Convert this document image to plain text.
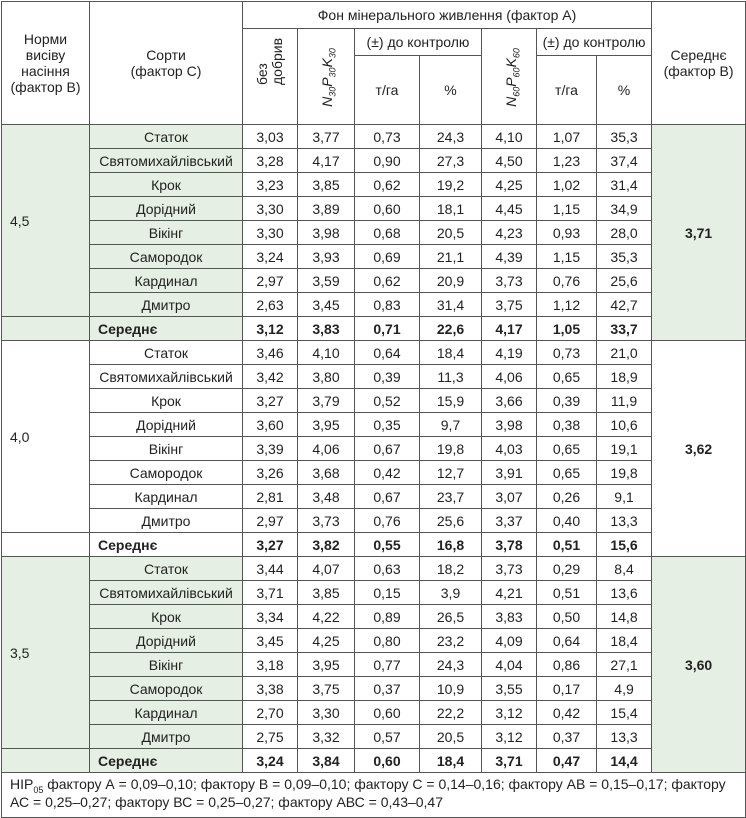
Норми висіву насіння (фактор В)	Сорти (фактор С)	Фон мінерального живлення (фактор А)							Середнє (фактор В)
		без добрив	$N_{30}P_{30}K_{30}$	(±) до контролю		$N_{60}P_{60}K_{60}$	(±) до контролю		
				т/га	%		т/га	%	
4,5	Статок	3,03	3,77	0,73	24,3	4,10	1,07	35,3	3,71
	Святомихайлівський	3,28	4,17	0,90	27,3	4,50	1,23	37,4	
	Крок	3,23	3,85	0,62	19,2	4,25	1,02	31,4	
	Дорідний	3,30	3,89	0,60	18,1	4,45	1,15	34,9	
	Вікінг	3,30	3,98	0,68	20,5	4,23	0,93	28,0	
	Самородок	3,24	3,93	0,69	21,1	4,39	1,15	35,3	
	Кардинал	2,97	3,59	0,62	20,9	3,73	0,76	25,6	
	Дмитро	2,63	3,45	0,83	31,4	3,75	1,12	42,7	
	Середнє	3,12	3,83	0,71	22,6	4,17	1,05	33,7	
4,0	Статок	3,46	4,10	0,64	18,4	4,19	0,73	21,0	3,62
	Святомихайлівський	3,42	3,80	0,39	11,3	4,06	0,65	18,9	
	Крок	3,27	3,79	0,52	15,9	3,66	0,39	11,9	
	Дорідний	3,60	3,95	0,35	9,7	3,98	0,38	10,6	
	Вікінг	3,39	4,06	0,67	19,8	4,03	0,65	19,1	
	Самородок	3,26	3,68	0,42	12,7	3,91	0,65	19,8	
	Кардинал	2,81	3,48	0,67	23,7	3,07	0,26	9,1	
	Дмитро	2,97	3,73	0,76	25,6	3,37	0,40	13,3	
	Середнє	3,27	3,82	0,55	16,8	3,78	0,51	15,6	
3,5	Статок	3,44	4,07	0,63	18,2	3,73	0,29	8,4	3,60
	Святомихайлівський	3,71	3,85	0,15	3,9	4,21	0,51	13,6	
	Крок	3,34	4,22	0,89	26,5	3,83	0,50	14,8	
	Дорідний	3,45	4,25	0,80	23,2	4,09	0,64	18,4	
	Вікінг	3,18	3,95	0,77	24,3	4,04	0,86	27,1	
	Самородок	3,38	3,75	0,37	10,9	3,55	0,17	4,9	
	Кардинал	2,70	3,30	0,60	22,2	3,12	0,42	15,4	
	Дмитро	2,75	3,32	0,57	20,5	3,12	0,37	13,3	
	Середнє	3,24	3,84	0,60	18,4	3,71	0,47	14,4	
$НІР_{05}$ фактору А = 0,09–0,10; фактору В = 0,09–0,10; фактору С = 0,14–0,16; фактору АВ = 0,15–0,17; фактору АС = 0,25–0,27; фактору ВС = 0,25–0,27; фактору АВС = 0,43–0,47									
